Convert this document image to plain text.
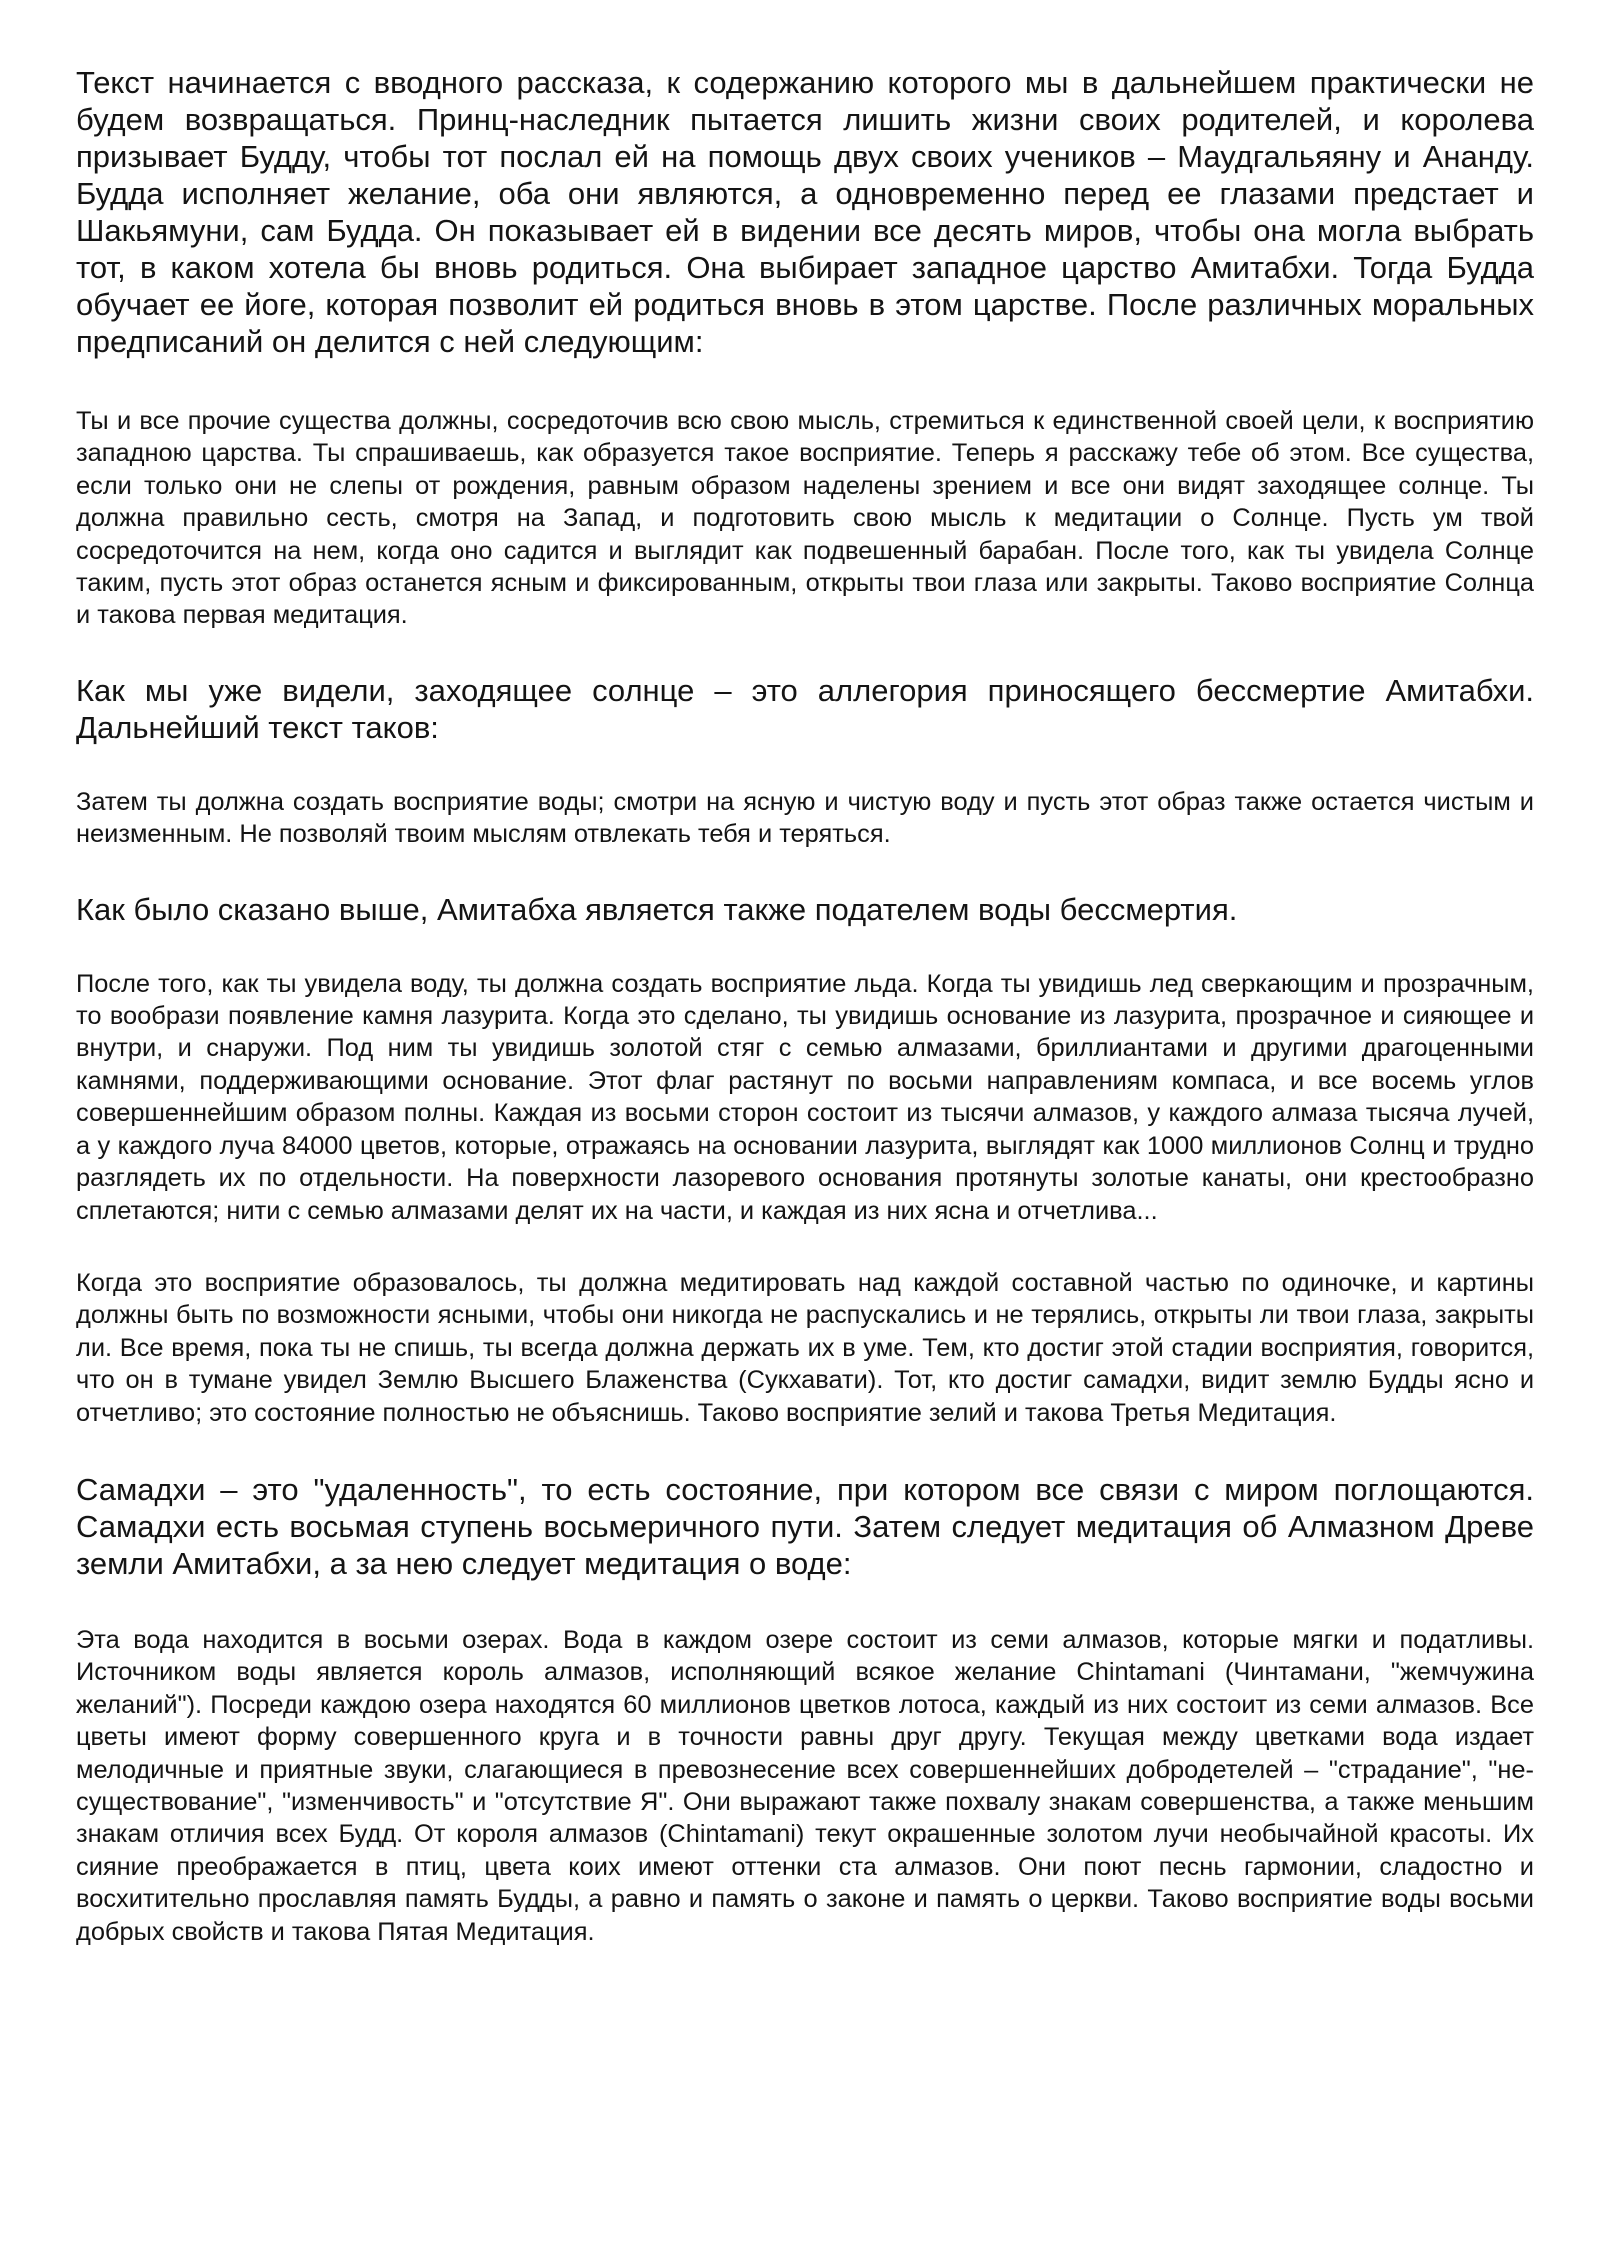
Текст начинается с вводного рассказа, к содержанию которого мы в дальнейшем практически не будем возвращаться. Принц-наследник пытается лишить жизни своих родителей, и королева призывает Будду, чтобы тот послал ей на помощь двух своих учеников – Маудгальяяну и Ананду. Будда исполняет желание, оба они являются, а одновременно перед ее глазами предстает и Шакьямуни, сам Будда. Он показывает ей в видении все десять миров, чтобы она могла выбрать тот, в каком хотела бы вновь родиться. Она выбирает западное царство Амитабхи. Тогда Будда обучает ее йоге, которая позволит ей родиться вновь в этом царстве. После различных моральных предписаний он делится с ней следующим:

Ты и все прочие существа должны, сосредоточив всю свою мысль, стремиться к единственной своей цели, к восприятию западною царства. Ты спрашиваешь, как образуется такое восприятие. Теперь я расскажу тебе об этом. Все существа, если только они не слепы от рождения, равным образом наделены зрением и все они видят заходящее солнце. Ты должна правильно сесть, смотря на Запад, и подготовить свою мысль к медитации о Солнце. Пусть ум твой сосредоточится на нем, когда оно садится и выглядит как подвешенный барабан. После того, как ты увидела Солнце таким, пусть этот образ останется ясным и фиксированным, открыты твои глаза или закрыты. Таково восприятие Солнца и такова первая медитация.

Как мы уже видели, заходящее солнце – это аллегория приносящего бессмертие Амитабхи. Дальнейший текст таков:

Затем ты должна создать восприятие воды; смотри на ясную и чистую воду и пусть этот образ также остается чистым и неизменным. Не позволяй твоим мыслям отвлекать тебя и теряться.

Как было сказано выше, Амитабха является также подателем воды бессмертия.

После того, как ты увидела воду, ты должна создать восприятие льда. Когда ты увидишь лед сверкающим и прозрачным, то вообрази появление камня лазурита. Когда это сделано, ты увидишь основание из лазурита, прозрачное и сияющее и внутри, и снаружи. Под ним ты увидишь золотой стяг с семью алмазами, бриллиантами и другими драгоценными камнями, поддерживающими основание. Этот флаг растянут по восьми направлениям компаса, и все восемь углов совершеннейшим образом полны. Каждая из восьми сторон состоит из тысячи алмазов, у каждого алмаза тысяча лучей, а у каждого луча 84000 цветов, которые, отражаясь на основании лазурита, выглядят как 1000 миллионов Солнц и трудно разглядеть их по отдельности. На поверхности лазоревого основания протянуты золотые канаты, они крестообразно сплетаются; нити с семью алмазами делят их на части, и каждая из них ясна и отчетлива...

Когда это восприятие образовалось, ты должна медитировать над каждой составной частью по одиночке, и картины должны быть по возможности ясными, чтобы они никогда не распускались и не терялись, открыты ли твои глаза, закрыты ли. Все время, пока ты не спишь, ты всегда должна держать их в уме. Тем, кто достиг этой стадии восприятия, говорится, что он в тумане увидел Землю Высшего Блаженства (Сукхавати). Тот, кто достиг самадхи, видит землю Будды ясно и отчетливо; это состояние полностью не объяснишь. Таково восприятие зелий и такова Третья Медитация.

Самадхи – это "удаленность", то есть состояние, при котором все связи с миром поглощаются. Самадхи есть восьмая ступень восьмеричного пути. Затем следует медитация об Алмазном Древе земли Амитабхи, а за нею следует медитация о воде:

Эта вода находится в восьми озерах. Вода в каждом озере состоит из семи алмазов, которые мягки и податливы. Источником воды является король алмазов, исполняющий всякое желание Chintamani (Чинтамани, "жемчужина желаний"). Посреди каждою озера находятся 60 миллионов цветков лотоса, каждый из них состоит из семи алмазов. Все цветы имеют форму совершенного круга и в точности равны друг другу. Текущая между цветками вода издает мелодичные и приятные звуки, слагающиеся в превознесение всех совершеннейших добродетелей – "страдание", "не-существование", "изменчивость" и "отсутствие Я". Они выражают также похвалу знакам совершенства, а также меньшим знакам отличия всех Будд. От короля алмазов (Chintamani) текут окрашенные золотом лучи необычайной красоты. Их сияние преображается в птиц, цвета коих имеют оттенки ста алмазов. Они поют песнь гармонии, сладостно и восхитительно прославляя память Будды, а равно и память о законе и память о церкви. Таково восприятие воды восьми добрых свойств и такова Пятая Медитация.
